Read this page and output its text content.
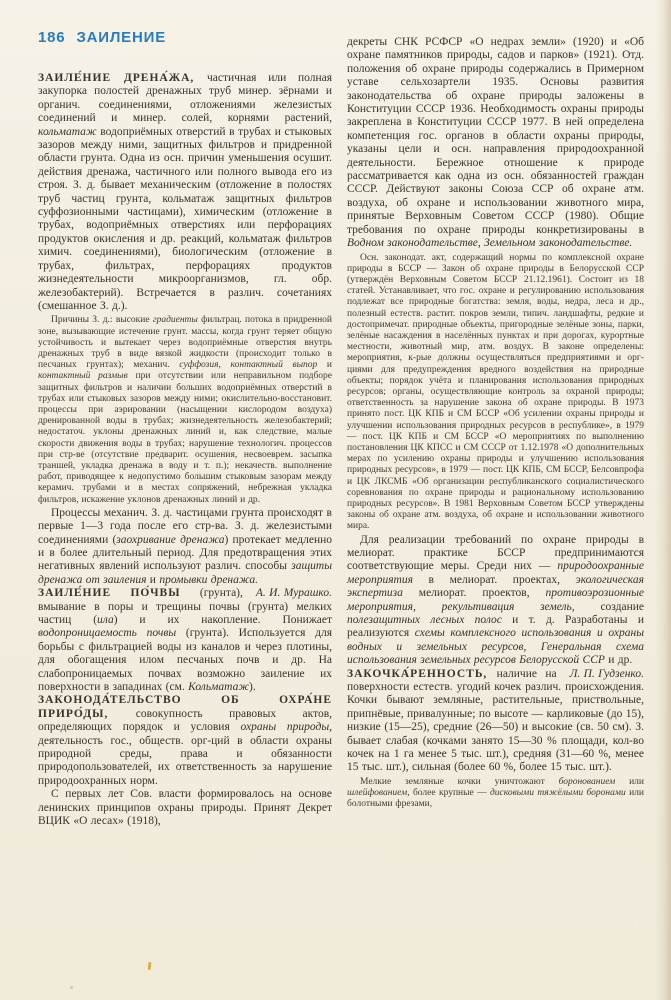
186 ЗАИЛЕНИЕ

ЗАИЛЕ́НИЕ ДРЕНА́ЖА, частичная или полная закупорка полостей дренажных труб минер. зёрнами и органич. соединениями, отложениями железистых соединений и минер. солей, корнями растений, кольматаж водоприёмных отверстий в трубах и стыковых зазоров между ними, защитных фильтров и придренной области грунта. Одна из осн. причин уменьшения осушит. действия дренажа, частичного или полного вывода его из строя. З. д. бывает механическим (отложение в полостях труб частиц грунта, кольматаж защитных фильтров суффозионными частицами), химическим (отложение в трубах, водоприёмных отверстиях или перфорациях продуктов окисления и др. реакций, кольматаж фильтров химич. соединениями), биологическим (отложение в трубах, фильтрах, перфорациях продуктов жизнедеятельности микроорганизмов, гл. обр. железобактерий). Встречается в различ. сочетаниях (смешанное З. д.).

Причины З. д.: высокие градиенты фильтрац. потока в придренной зоне, вызывающие истечение грунт. массы, когда грунт теряет общую устойчивость и вытекает через водоприёмные отверстия внутрь дренажных труб в виде вязкой жидкости (происходит только в песчаных грунтах); механич. суффозия, контактный выпор и контактный размыв при отсутствии или неправильном подборе защитных фильтров и наличии больших водоприёмных отверстий в трубах или стыковых зазоров между ними; окислительно-восстановит. процессы при аэрировании (насыщении кислородом воздуха) дренированной воды в трубах; жизнедеятельность железобактерий; недостаточ. уклоны дренажных линий и, как следствие, малые скорости движения воды в трубах; нарушение технологич. процессов при стр-ве (отсутствие предварит. осушения, несвоеврем. засыпка траншей, укладка дренажа в воду и т. п.); некачеств. выполнение работ, приводящее к недопустимо большим стыковым зазорам между керамич. трубами и в местах сопряжений, небрежная укладка фильтров, искажение уклонов дренажных линий и др.

Процессы механич. З. д. частицами грунта происходят в первые 1—3 года после его стр-ва. З. д. железистыми соединениями (заохривание дренажа) протекает медленно и в более длительный период. Для предотвращения этих негативных явлений используют различ. способы защиты дренажа от заиления и промывки дренажа.
А. И. Мурашко.

ЗАИЛЕ́НИЕ ПО́ЧВЫ (грунта), вмывание в поры и трещины почвы (грунта) мелких частиц (ила) и их накопление. Понижает водопроницаемость почвы (грунта). Используется для борьбы с фильтрацией воды из каналов и через плотины, для обогащения илом песчаных почв и др. На слабопроницаемых почвах возможно заиление их поверхности в западинах (см. Кольматаж).

ЗАКОНОДА́ТЕЛЬСТВО ОБ ОХРА́НЕ ПРИРО́ДЫ, совокупность правовых актов, определяющих порядок и условия охраны природы, деятельность гос., обществ. орг-ций в области охраны природной среды, права и обязанности природопользователей, их ответственность за нарушение природоохранных норм.

С первых лет Сов. власти формировалось на основе ленинских принципов охраны природы. Принят Декрет ВЦИК «О лесах» (1918),

декреты СНК РСФСР «О недрах земли» (1920) и «Об охране памятников природы, садов и парков» (1921). Отд. положения об охране природы содержались в Примерном уставе сельхозартели 1935. Основы развития законодательства об охране природы заложены в Конституции СССР 1936. Необходимость охраны природы закреплена в Конституции СССР 1977. В ней определена компетенция гос. органов в области охраны природы, указаны цели и осн. направления природоохранной деятельности. Бережное отношение к природе рассматривается как одна из осн. обязанностей граждан СССР. Действуют законы Союза ССР об охране атм. воздуха, об охране и использовании животного мира, принятые Верховным Советом СССР (1980). Общие требования по охране природы конкретизированы в Водном законодательстве, Земельном законодательстве.

Осн. законодат. акт, содержащий нормы по комплексной охране природы в БССР — Закон об охране природы в Белорусской ССР (утверждён Верховным Советом БССР 21.12.1961). Состоит из 18 статей. Устанавливает, что гос. охране и регулированию использования подлежат все природные богатства: земля, воды, недра, леса и др., полезный естеств. растит. покров земли, типич. ландшафты, редкие и достопримечат. природные объекты, пригородные зелёные зоны, парки, зелёные насаждения в населённых пунктах и при дорогах, курортные местности, животный мир, атм. воздух. В законе определены: мероприятия, к-рые должны осуществляться предприятиями и орг-циями для предупреждения вредного воздействия на природные объекты; порядок учёта и планирования использования природных ресурсов; органы, осуществляющие контроль за охраной природы; ответственность за нарушение закона об охране природы. В 1973 принято пост. ЦК КПБ и СМ БССР «Об усилении охраны природы и улучшении использования природных ресурсов в республике», в 1979 — пост. ЦК КПБ и СМ БССР «О мероприятиях по выполнению постановления ЦК КПСС и СМ СССР от 1.12.1978 «О дополнительных мерах по усилению охраны природы и улучшению использования природных ресурсов», в 1979 — пост. ЦК КПБ, СМ БССР, Белсовпрофа и ЦК ЛКСМБ «Об организации республиканского социалистического соревнования по охране природы и рациональному использованию природных ресурсов». В 1981 Верховным Советом БССР утверждены законы об охране атм. воздуха, об охране и использовании животного мира.

Для реализации требований по охране природы в мелиорат. практике БССР предпринимаются соответствующие меры. Среди них — природоохранные мероприятия в мелиорат. проектах, экологическая экспертиза мелиорат. проектов, противоэрозионные мероприятия, рекультивация земель, создание полезащитных лесных полос и т. д. Разработаны и реализуются схемы комплексного использования и охраны водных и земельных ресурсов, Генеральная схема использования земельных ресурсов Белорусской ССР и др.
Л. П. Гудзенко.

ЗАКОЧКА́РЕННОСТЬ, наличие на поверхности естеств. угодий кочек различ. происхождения. Кочки бывают земляные, растительные, приствольные, припнёвые, привалунные; по высоте — карликовые (до 15), низкие (15—25), средние (26—50) и высокие (св. 50 см). З. бывает слабая (кочками занято 15—30 % площади, кол-во кочек на 1 га менее 5 тыс. шт.), средняя (31—60 %, менее 15 тыс. шт.), сильная (более 60 %, более 15 тыс. шт.).

Мелкие земляные кочки уничтожают боронованием или шлейфованием, более крупные — дисковыми тяжёлыми боронами или болотными фрезами,
